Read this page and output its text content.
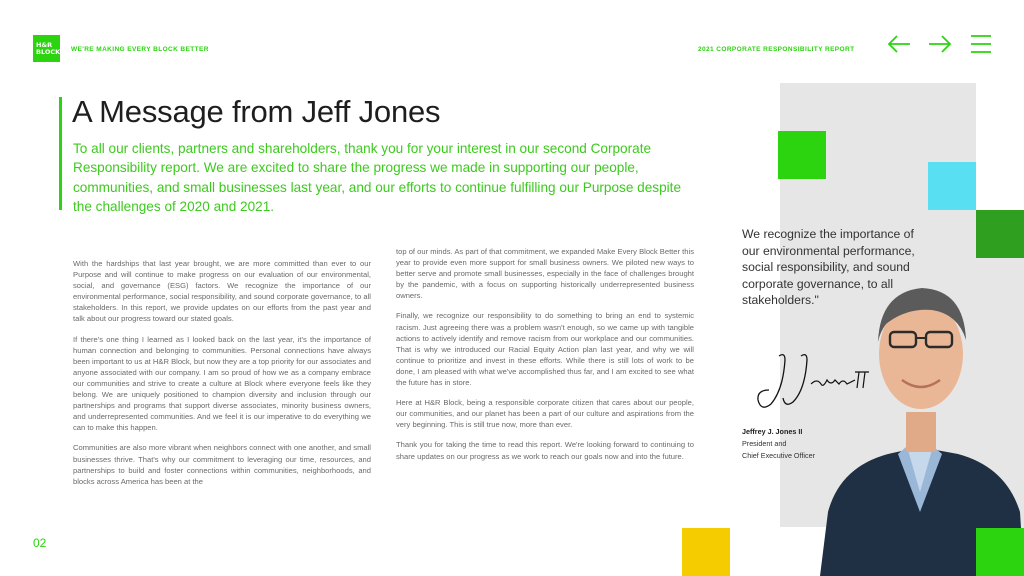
H&R
BLOCK WE'RE MAKING EVERY BLOCK BETTER	2021 CORPORATE RESPONSIBILITY REPORT
A Message from Jeff Jones

To all our clients, partners and shareholders, thank you for your interest in our second Corporate Responsibility report. We are excited to share the progress we made in supporting our people, communities, and small businesses last year, and our efforts to continue fulfilling our Purpose despite the challenges of 2020 and 2021.

With the hardships that last year brought, we are more committed than ever to our Purpose and will continue to make progress on our evaluation of our environmental, social, and governance (ESG) factors. We recognize the importance of our environmental performance, social responsibility, and sound corporate governance, to all stakeholders. In this report, we provide updates on our efforts from the past year and talk about our progress toward our stated goals.

If there's one thing I learned as I looked back on the last year, it's the importance of human connection and belonging to communities. Personal connections have always been important to us at H&R Block, but now they are a top priority for our associates and anyone associated with our company. I am so proud of how we as a company embrace our communities and strive to create a culture at Block where everyone feels like they belong. We are uniquely positioned to champion diversity and inclusion through our partnerships and programs that support diverse associates, minority business owners, and underrepresented communities. And we feel it is our imperative to do everything we can to make this happen.

Communities are also more vibrant when neighbors connect with one another, and small businesses thrive. That's why our commitment to leveraging our time, resources, and partnerships to build and foster connections within communities, neighborhoods, and blocks across America has been at the

top of our minds. As part of that commitment, we expanded Make Every Block Better this year to provide even more support for small business owners. We piloted new ways to better serve and promote small businesses, especially in the face of challenges brought by the pandemic, with a focus on supporting historically underrepresented business owners.

Finally, we recognize our responsibility to do something to bring an end to systemic racism. Just agreeing there was a problem wasn't enough, so we came up with tangible actions to actively identify and remove racism from our workplace and our communities. That is why we introduced our Racial Equity Action plan last year, and why we will continue to prioritize and invest in these efforts. While there is still lots of work to be done, I am pleased with what we've accomplished thus far, and I am excited to see what the future has in store.

Here at H&R Block, being a responsible corporate citizen that cares about our people, our communities, and our planet has been a part of our culture and aspirations from the very beginning. This is still true now, more than ever.

Thank you for taking the time to read this report. We're looking forward to continuing to share updates on our progress as we work to reach our goals now and into the future.

We recognize the importance of our environmental performance, social responsibility, and sound corporate governance, to all stakeholders."

Jeffrey J. Jones II
President and
Chief Executive Officer
02
